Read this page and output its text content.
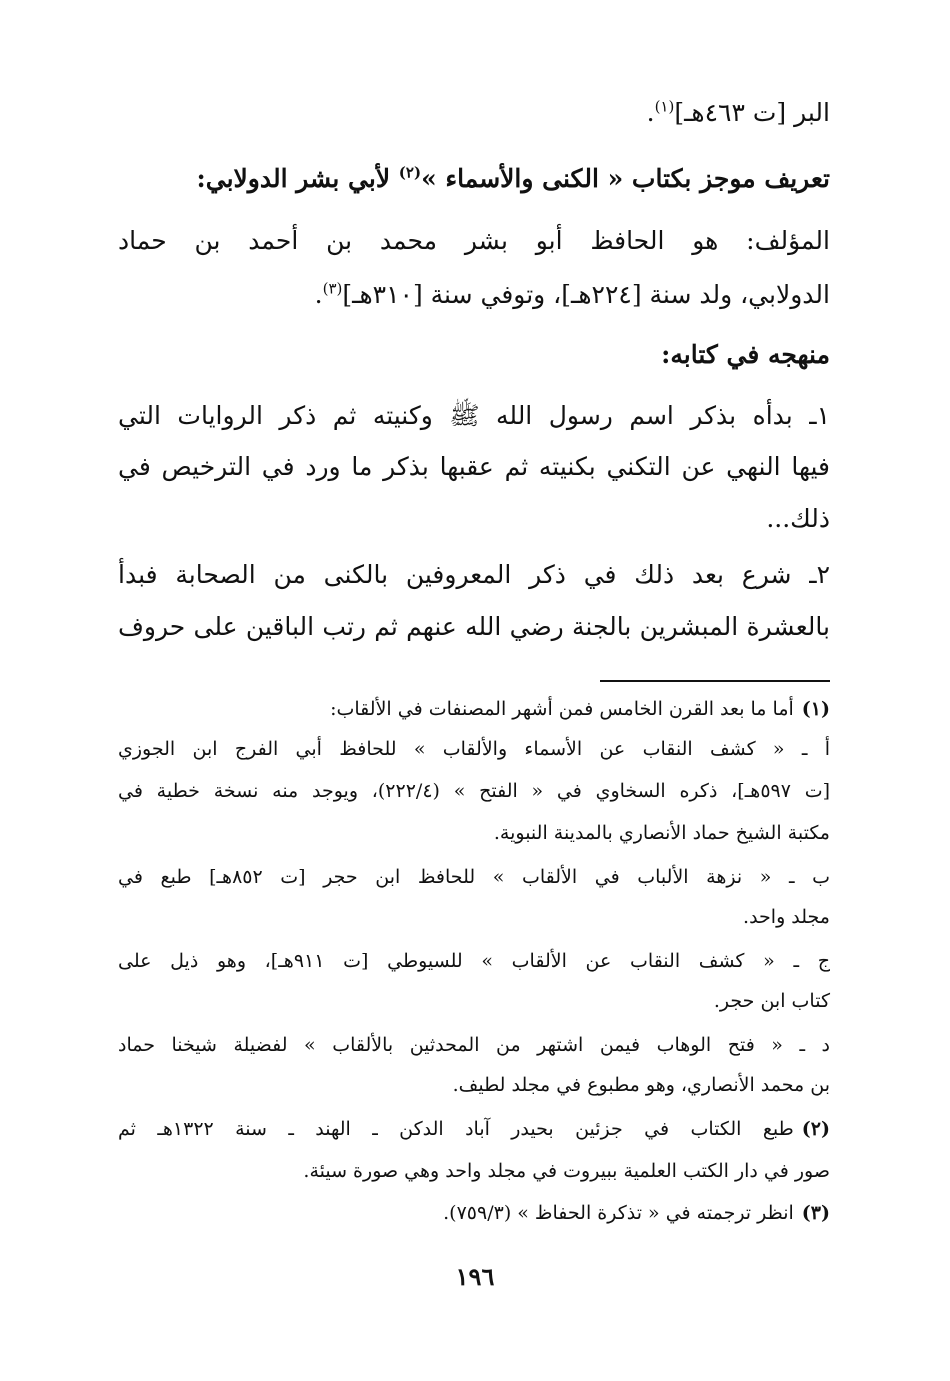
البر [ت ٤٦٣هـ]$^{(١)}$.
تعريف موجز بكتاب « الكنى والأسماء »$^{(٢)}$ لأبي بشر الدولابي:
المؤلف: هو الحافظ أبو بشر محمد بن أحمد بن حماد
الدولابي، ولد سنة [٢٢٤هـ]، وتوفي سنة [٣١٠هـ]$^{(٣)}$.
منهجه في كتابه:
١ـ بدأه بذكر اسم رسول الله ﷺ وكنيته ثم ذكر الروايات التي
فيها النهي عن التكني بكنيته ثم عقبها بذكر ما ورد في الترخيص في
ذلك...
٢ـ شرع بعد ذلك في ذكر المعروفين بالكنى من الصحابة فبدأ
بالعشرة المبشرين بالجنة رضي الله عنهم ثم رتب الباقين على حروف
(١)أما ما بعد القرن الخامس فمن أشهر المصنفات في الألقاب:
أ ـ « كشف النقاب عن الأسماء والألقاب » للحافظ أبي الفرج ابن الجوزي
[ت ٥٩٧هـ]، ذكره السخاوي في « الفتح » (٢٢٢/٤)، ويوجد منه نسخة خطية في
مكتبة الشيخ حماد الأنصاري بالمدينة النبوية.
ب ـ « نزهة الألباب في الألقاب » للحافظ ابن حجر [ت ٨٥٢هـ] طبع في
مجلد واحد.
ج ـ « كشف النقاب عن الألقاب » للسيوطي [ت ٩١١هـ]، وهو ذيل على
كتاب ابن حجر.
د ـ « فتح الوهاب فيمن اشتهر من المحدثين بالألقاب » لفضيلة شيخنا حماد
بن محمد الأنصاري، وهو مطبوع في مجلد لطيف.
(٢)طبع الكتاب في جزئين بحيدر آباد الدكن ـ الهند ـ سنة ١٣٢٢هـ ثم
صور في دار الكتب العلمية ببيروت في مجلد واحد وهي صورة سيئة.
(٣)انظر ترجمته في « تذكرة الحفاظ » (٧٥٩/٣).
١٩٦
